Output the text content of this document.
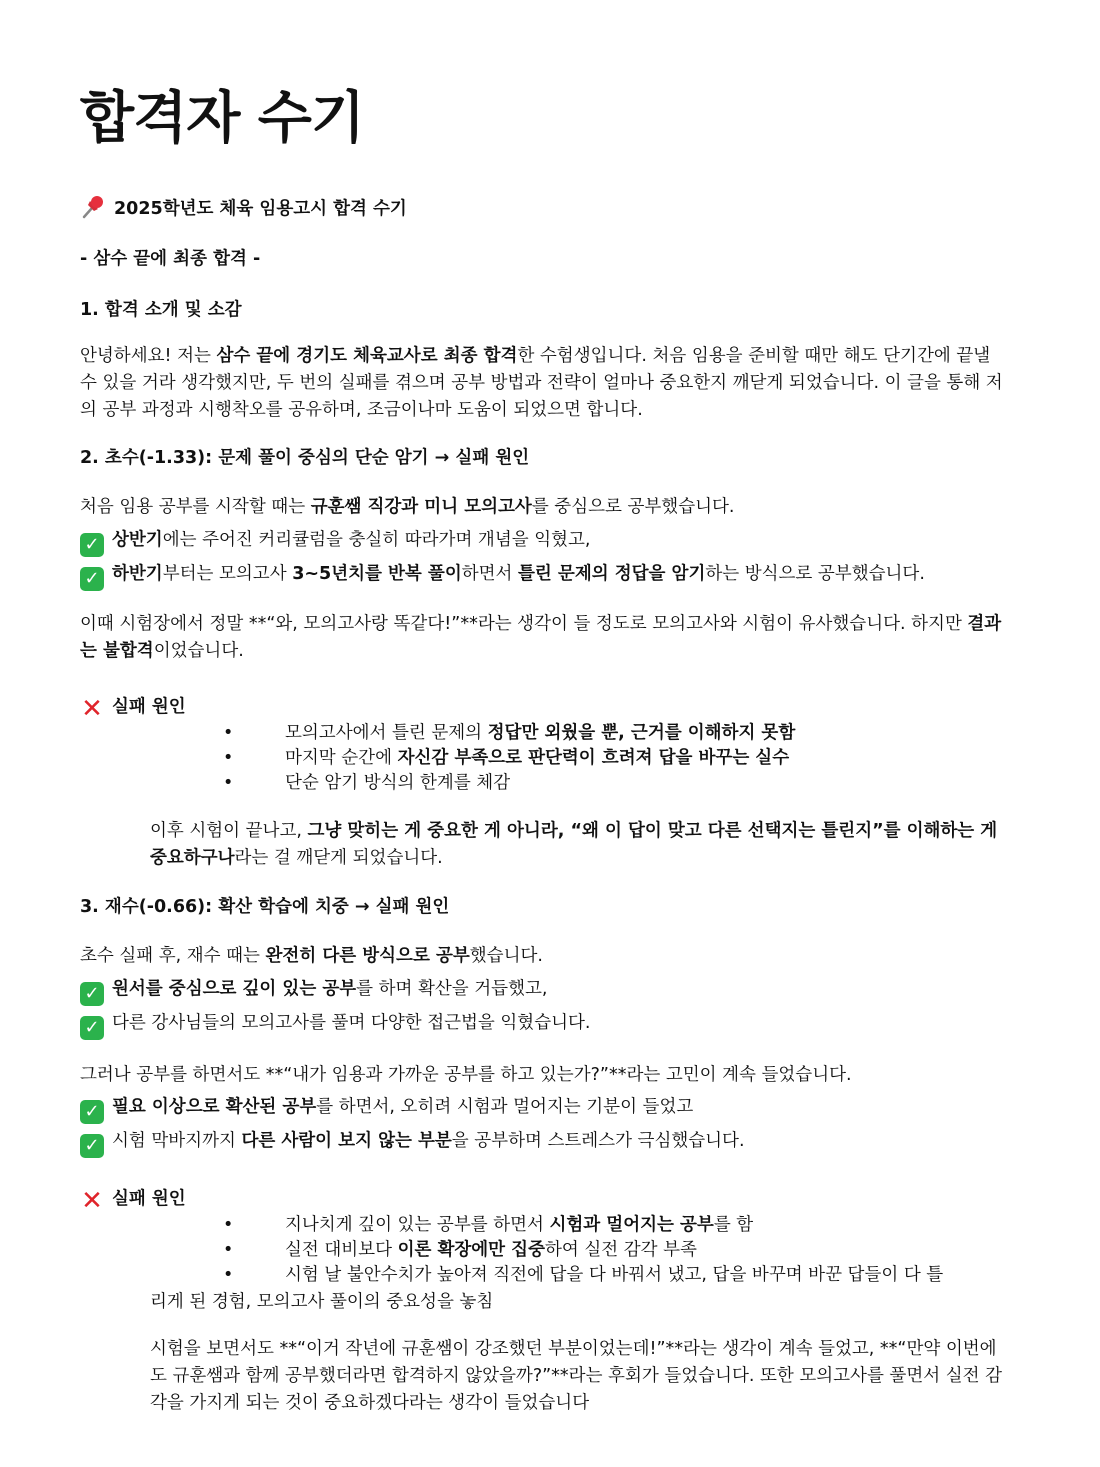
합격자 수기
2025학년도 체육 임용고시 합격 수기
- 삼수 끝에 최종 합격 -
1. 합격 소개 및 소감
안녕하세요! 저는 삼수 끝에 경기도 체육교사로 최종 합격한 수험생입니다. 처음 임용을 준비할 때만 해도 단기간에 끝낼 수 있을 거라 생각했지만, 두 번의 실패를 겪으며 공부 방법과 전략이 얼마나 중요한지 깨닫게 되었습니다. 이 글을 통해 저의 공부 과정과 시행착오를 공유하며, 조금이나마 도움이 되었으면 합니다.
2. 초수(-1.33): 문제 풀이 중심의 단순 암기 → 실패 원인
처음 임용 공부를 시작할 때는 규훈쌤 직강과 미니 모의고사를 중심으로 공부했습니다.
✓ 상반기에는 주어진 커리큘럼을 충실히 따라가며 개념을 익혔고,
✓ 하반기부터는 모의고사 3~5년치를 반복 풀이하면서 틀린 문제의 정답을 암기하는 방식으로 공부했습니다.
이때 시험장에서 정말 **“와, 모의고사랑 똑같다!”**라는 생각이 들 정도로 모의고사와 시험이 유사했습니다. 하지만 결과는 불합격이었습니다.
✕ 실패 원인
•	모의고사에서 틀린 문제의 정답만 외웠을 뿐, 근거를 이해하지 못함
•	마지막 순간에 자신감 부족으로 판단력이 흐려져 답을 바꾸는 실수
•	단순 암기 방식의 한계를 체감
이후 시험이 끝나고, 그냥 맞히는 게 중요한 게 아니라, “왜 이 답이 맞고 다른 선택지는 틀린지”를 이해하는 게 중요하구나라는 걸 깨닫게 되었습니다.
3. 재수(-0.66): 확산 학습에 치중 → 실패 원인
초수 실패 후, 재수 때는 완전히 다른 방식으로 공부했습니다.
✓ 원서를 중심으로 깊이 있는 공부를 하며 확산을 거듭했고,
✓ 다른 강사님들의 모의고사를 풀며 다양한 접근법을 익혔습니다.
그러나 공부를 하면서도 **“내가 임용과 가까운 공부를 하고 있는가?”**라는 고민이 계속 들었습니다.
✓ 필요 이상으로 확산된 공부를 하면서, 오히려 시험과 멀어지는 기분이 들었고
✓ 시험 막바지까지 다른 사람이 보지 않는 부분을 공부하며 스트레스가 극심했습니다.
✕ 실패 원인
•	지나치게 깊이 있는 공부를 하면서 시험과 멀어지는 공부를 함
•	실전 대비보다 이론 확장에만 집중하여 실전 감각 부족
•	시험 날 불안수치가 높아져 직전에 답을 다 바꿔서 냈고, 답을 바꾸며 바꾼 답들이 다 틀
리게 된 경험, 모의고사 풀이의 중요성을 놓침
시험을 보면서도 **“이거 작년에 규훈쌤이 강조했던 부분이었는데!”**라는 생각이 계속 들었고, **“만약 이번에도 규훈쌤과 함께 공부했더라면 합격하지 않았을까?”**라는 후회가 들었습니다. 또한 모의고사를 풀면서 실전 감각을 가지게 되는 것이 중요하겠다라는 생각이 들었습니다
